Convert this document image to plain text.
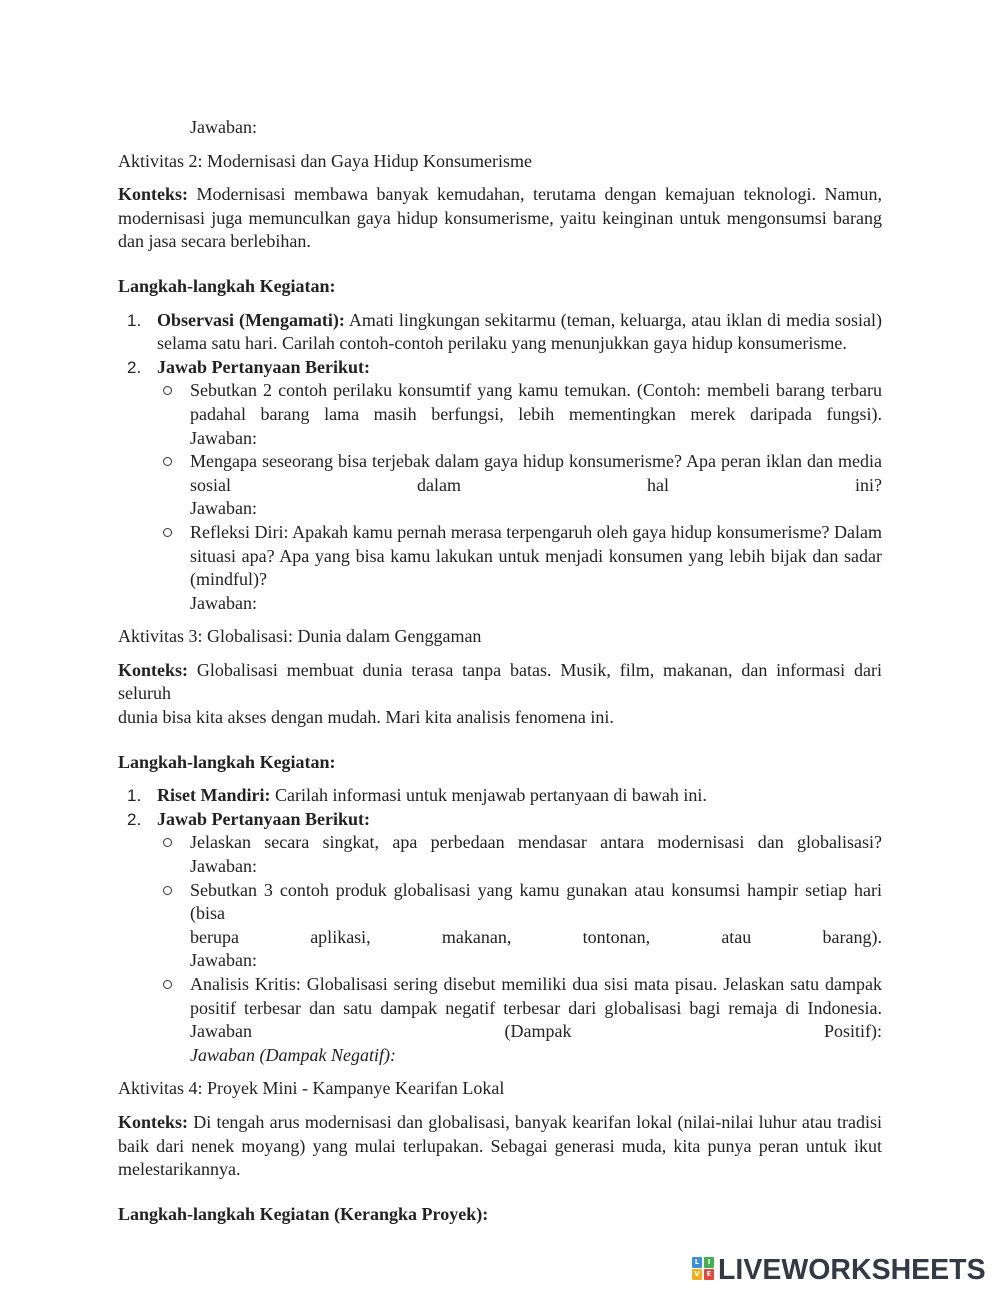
Jawaban:
Aktivitas 2: Modernisasi dan Gaya Hidup Konsumerisme
Konteks: Modernisasi membawa banyak kemudahan, terutama dengan kemajuan teknologi. Namun,
modernisasi juga memunculkan gaya hidup konsumerisme, yaitu keinginan untuk mengonsumsi barang
dan jasa secara berlebihan.
Langkah-langkah Kegiatan:
1. Observasi (Mengamati): Amati lingkungan sekitarmu (teman, keluarga, atau iklan di media sosial)
selama satu hari. Carilah contoh-contoh perilaku yang menunjukkan gaya hidup konsumerisme.
2. Jawab Pertanyaan Berikut:
Sebutkan 2 contoh perilaku konsumtif yang kamu temukan. (Contoh: membeli barang terbaru
padahal barang lama masih berfungsi, lebih mementingkan merek daripada fungsi).
Jawaban:
Mengapa seseorang bisa terjebak dalam gaya hidup konsumerisme? Apa peran iklan dan media
sosial dalam hal ini?
Jawaban:
Refleksi Diri: Apakah kamu pernah merasa terpengaruh oleh gaya hidup konsumerisme? Dalam
situasi apa? Apa yang bisa kamu lakukan untuk menjadi konsumen yang lebih bijak dan sadar
(mindful)?
Jawaban:
Aktivitas 3: Globalisasi: Dunia dalam Genggaman
Konteks: Globalisasi membuat dunia terasa tanpa batas. Musik, film, makanan, dan informasi dari seluruh
dunia bisa kita akses dengan mudah. Mari kita analisis fenomena ini.
Langkah-langkah Kegiatan:
1. Riset Mandiri: Carilah informasi untuk menjawab pertanyaan di bawah ini.
2. Jawab Pertanyaan Berikut:
Jelaskan secara singkat, apa perbedaan mendasar antara modernisasi dan globalisasi?
Jawaban:
Sebutkan 3 contoh produk globalisasi yang kamu gunakan atau konsumsi hampir setiap hari (bisa
berupa aplikasi, makanan, tontonan, atau barang).
Jawaban:
Analisis Kritis: Globalisasi sering disebut memiliki dua sisi mata pisau. Jelaskan satu dampak
positif terbesar dan satu dampak negatif terbesar dari globalisasi bagi remaja di Indonesia.
Jawaban (Dampak Positif):
Jawaban (Dampak Negatif):
Aktivitas 4: Proyek Mini - Kampanye Kearifan Lokal
Konteks: Di tengah arus modernisasi dan globalisasi, banyak kearifan lokal (nilai-nilai luhur atau tradisi
baik dari nenek moyang) yang mulai terlupakan. Sebagai generasi muda, kita punya peran untuk ikut
melestarikannya.
Langkah-langkah Kegiatan (Kerangka Proyek):
L	I
V E LIVEWORKSHEETS
